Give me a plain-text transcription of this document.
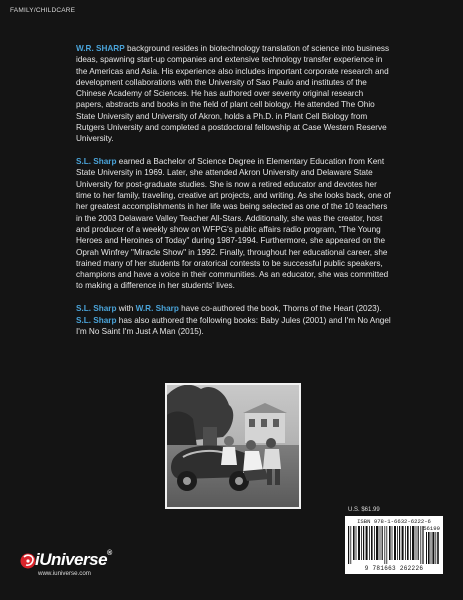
FAMILY/CHILDCARE

W.R. SHARP background resides in biotechnology translation of science into business ideas, spawning start-up companies and extensive technology transfer experience in the Americas and Asia. His experience also includes important corporate research and development collaborations with the University of Sao Paulo and institutes of the Chinese Academy of Sciences. He has authored over seventy original research papers, abstracts and books in the field of plant cell biology. He attended The Ohio State University and University of Akron, holds a Ph.D. in Plant Cell Biology from Rutgers University and completed a postdoctoral fellowship at Case Western Reserve University.

S.L. Sharp earned a Bachelor of Science Degree in Elementary Education from Kent State University in 1969. Later, she attended Akron University and Delaware State University for post-graduate studies. She is now a retired educator and devotes her time to her family, traveling, creative art projects, and writing. As she looks back, one of her greatest accomplishments in her life was being selected as one of the 10 teachers in the 2003 Delaware Valley Teacher All-Stars. Additionally, she was the creator, host and producer of a weekly show on WFPG's public affairs radio program, "The Young Heroes and Heroines of Today" during 1987-1994. Furthermore, she appeared on the Oprah Winfrey "Miracle Show" in 1992. Finally, throughout her educational career, she trained many of her students for oratorical contests to be successful public speakers, champions and have a voice in their communities. As an educator, she was committed to making a difference in her students' lives.

S.L. Sharp with W.R. Sharp have co-authored the book, Thorns of the Heart (2023). S.L. Sharp has also authored the following books: Baby Jules (2001) and I'm No Angel I'm No Saint I'm Just A Man (2015).

U.S. $61.99
ISBN 978-1-6632-6222-6
56199
9 781663 262226
iUniverse®
www.iuniverse.com
